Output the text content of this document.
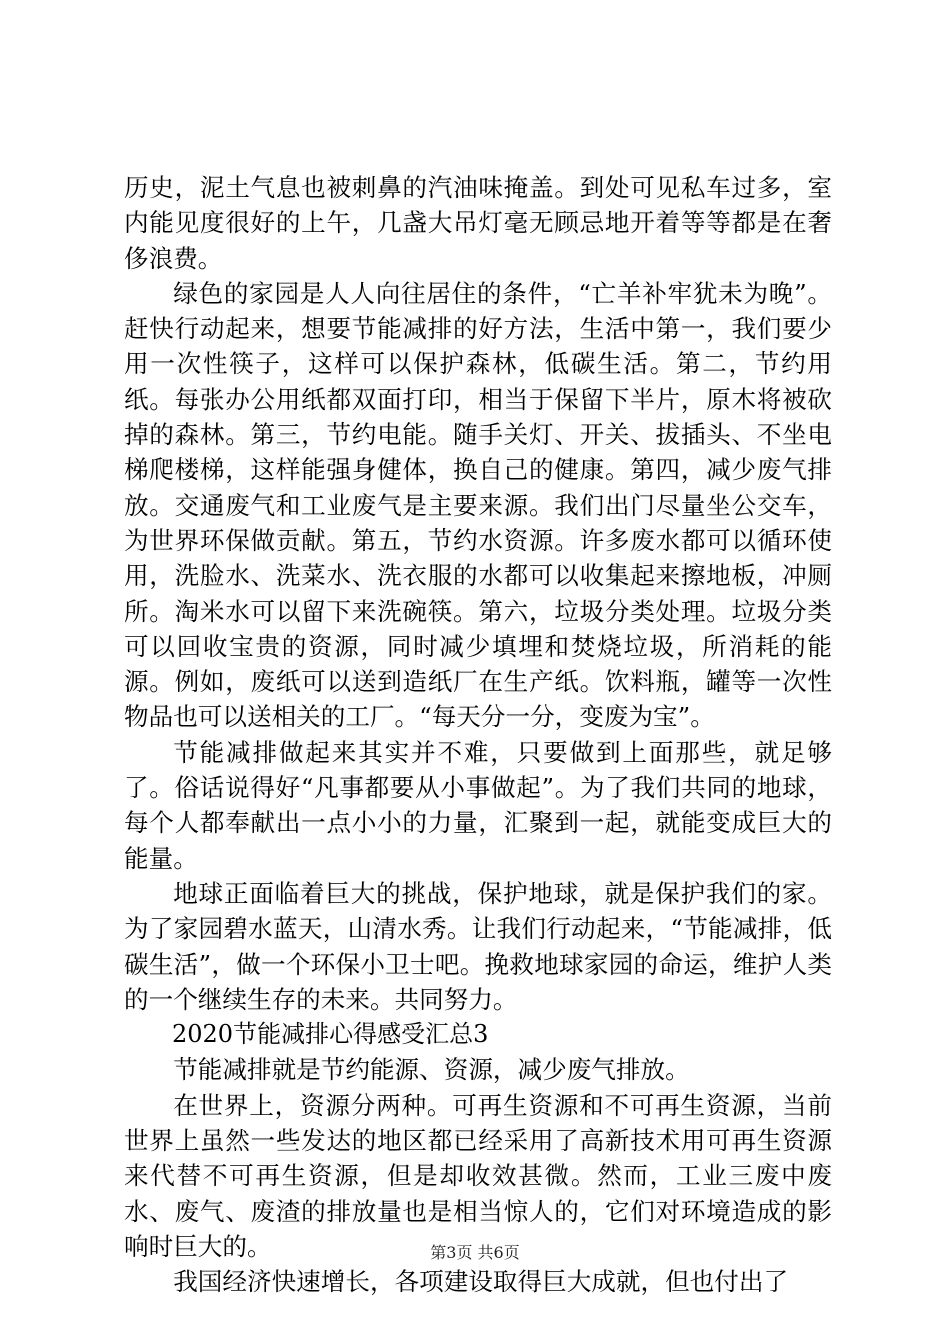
历史，泥土气息也被刺鼻的汽油味掩盖。到处可见私车过多，室内能见度很好的上午，几盏大吊灯毫无顾忌地开着等等都是在奢侈浪费。

绿色的家园是人人向往居住的条件，“亡羊补牢犹未为晚”。赶快行动起来，想要节能减排的好方法，生活中第一，我们要少用一次性筷子，这样可以保护森林，低碳生活。第二，节约用纸。每张办公用纸都双面打印，相当于保留下半片，原木将被砍掉的森林。第三，节约电能。随手关灯、开关、拔插头、不坐电梯爬楼梯，这样能强身健体，换自己的健康。第四，减少废气排放。交通废气和工业废气是主要来源。我们出门尽量坐公交车，为世界环保做贡献。第五，节约水资源。许多废水都可以循环使用，洗脸水、洗菜水、洗衣服的水都可以收集起来擦地板，冲厕所。淘米水可以留下来洗碗筷。第六，垃圾分类处理。垃圾分类可以回收宝贵的资源，同时减少填埋和焚烧垃圾，所消耗的能源。例如，废纸可以送到造纸厂在生产纸。饮料瓶，罐等一次性物品也可以送相关的工厂。“每天分一分，变废为宝”。

节能减排做起来其实并不难，只要做到上面那些，就足够了。俗话说得好“凡事都要从小事做起”。为了我们共同的地球，每个人都奉献出一点小小的力量，汇聚到一起，就能变成巨大的能量。

地球正面临着巨大的挑战，保护地球，就是保护我们的家。为了家园碧水蓝天，山清水秀。让我们行动起来，“节能减排，低碳生活”，做一个环保小卫士吧。挽救地球家园的命运，维护人类的一个继续生存的未来。共同努力。

2020节能减排心得感受汇总3

节能减排就是节约能源、资源，减少废气排放。

在世界上，资源分两种。可再生资源和不可再生资源，当前世界上虽然一些发达的地区都已经采用了高新技术用可再生资源来代替不可再生资源，但是却收效甚微。然而，工业三废中废水、废气、废渣的排放量也是相当惊人的，它们对环境造成的影响时巨大的。

我国经济快速增长，各项建设取得巨大成就，但也付出了

第3页 共6页
